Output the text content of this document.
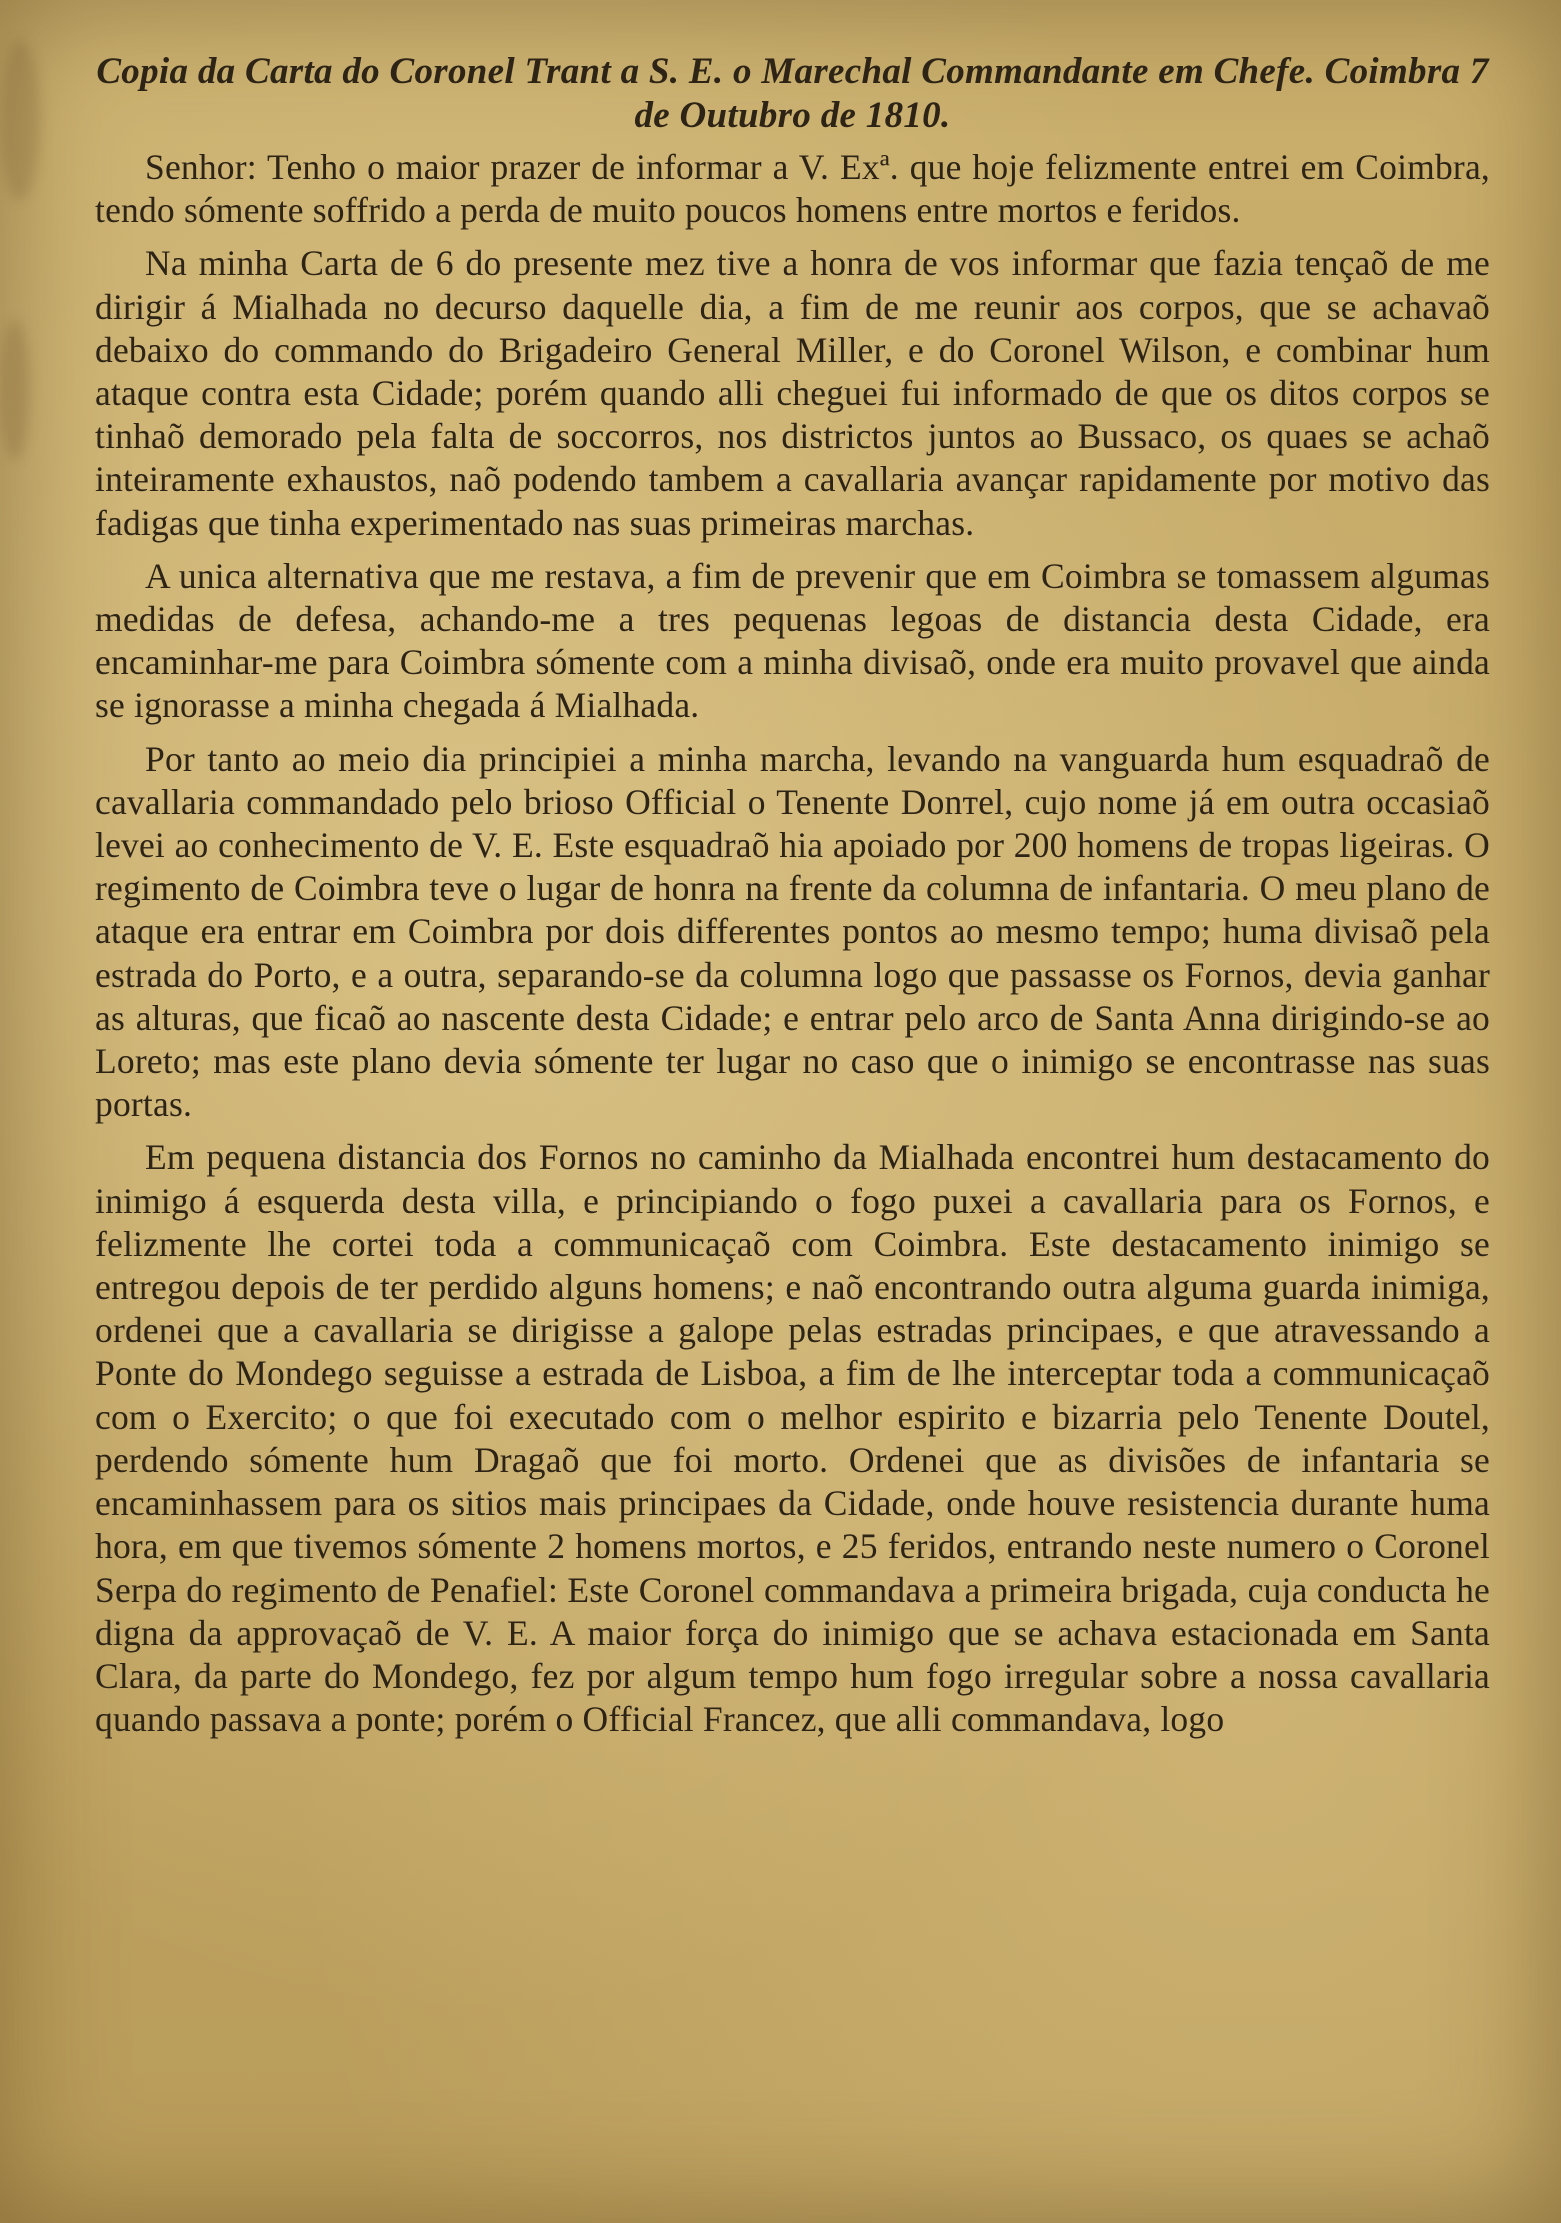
Copia da Carta do Coronel Trant a S. E. o Marechal Commandante em Chefe. Coimbra 7 de Outubro de 1810.

Senhor: Tenho o maior prazer de informar a V. Exª. que hoje felizmente entrei em Coimbra, tendo sómente soffrido a perda de muito poucos homens entre mortos e feridos.

Na minha Carta de 6 do presente mez tive a honra de vos informar que fazia tençaõ de me dirigir á Mialhada no decurso daquelle dia, a fim de me reunir aos corpos, que se achavaõ debaixo do commando do Brigadeiro General Miller, e do Coronel Wilson, e combinar hum ataque contra esta Cidade; porém quando alli cheguei fui informado de que os ditos corpos se tinhaõ demorado pela falta de soccorros, nos districtos juntos ao Bussaco, os quaes se achaõ inteiramente exhaustos, naõ podendo tambem a cavallaria avançar rapidamente por motivo das fadigas que tinha experimentado nas suas primeiras marchas.

A unica alternativa que me restava, a fim de prevenir que em Coimbra se tomassem algumas medidas de defesa, achando-me a tres pequenas legoas de distancia desta Cidade, era encaminhar-me para Coimbra sómente com a minha divisaõ, onde era muito provavel que ainda se ignorasse a minha chegada á Mialhada.

Por tanto ao meio dia principiei a minha marcha, levando na vanguarda hum esquadraõ de cavallaria commandado pelo brioso Official o Tenente Donтel, cujo nome já em outra occasiaõ levei ao conhecimento de V. E. Este esquadraõ hia apoiado por 200 homens de tropas ligeiras. O regimento de Coimbra teve o lugar de honra na frente da columna de infantaria. O meu plano de ataque era entrar em Coimbra por dois differentes pontos ao mesmo tempo; huma divisaõ pela estrada do Porto, e a outra, separando-se da columna logo que passasse os Fornos, devia ganhar as alturas, que ficaõ ao nascente desta Cidade; e entrar pelo arco de Santa Anna dirigindo-se ao Loreto; mas este plano devia sómente ter lugar no caso que o inimigo se encontrasse nas suas portas.

Em pequena distancia dos Fornos no caminho da Mialhada encontrei hum destacamento do inimigo á esquerda desta villa, e principiando o fogo puxei a cavallaria para os Fornos, e felizmente lhe cortei toda a communicaçaõ com Coimbra. Este destacamento inimigo se entregou depois de ter perdido alguns homens; e naõ encontrando outra alguma guarda inimiga, ordenei que a cavallaria se dirigisse a galope pelas estradas principaes, e que atravessando a Ponte do Mondego seguisse a estrada de Lisboa, a fim de lhe interceptar toda a communicaçaõ com o Exercito; o que foi executado com o melhor espirito e bizarria pelo Tenente Doutel, perdendo sómente hum Dragaõ que foi morto. Ordenei que as divisões de infantaria se encaminhassem para os sitios mais principaes da Cidade, onde houve resistencia durante huma hora, em que tivemos sómente 2 homens mortos, e 25 feridos, entrando neste numero o Coronel Serpa do regimento de Penafiel: Este Coronel commandava a primeira brigada, cuja conducta he digna da approvaçaõ de V. E. A maior força do inimigo que se achava estacionada em Santa Clara, da parte do Mondego, fez por algum tempo hum fogo irregular sobre a nossa cavallaria quando passava a ponte; porém o Official Francez, que alli commandava, logo
